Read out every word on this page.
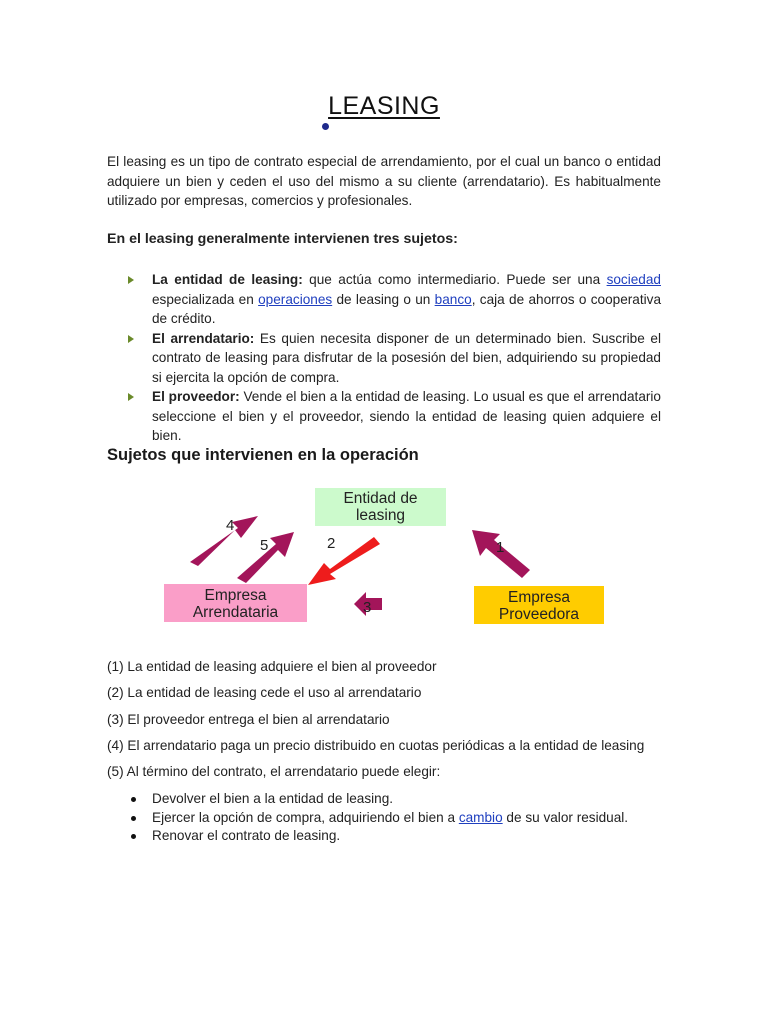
LEASING

El leasing es un tipo de contrato especial de arrendamiento, por el cual un banco o entidad adquiere un bien y ceden el uso del mismo a su cliente (arrendatario). Es habitualmente utilizado por empresas, comercios y profesionales.

En el leasing generalmente intervienen tres sujetos:
La entidad de leasing: que actúa como intermediario. Puede ser una sociedad especializada en operaciones de leasing o un banco, caja de ahorros o cooperativa de crédito.
El arrendatario: Es quien necesita disponer de un determinado bien. Suscribe el contrato de leasing para disfrutar de la posesión del bien, adquiriendo su propiedad si ejercita la opción de compra.
El proveedor: Vende el bien a la entidad de leasing. Lo usual es que el arrendatario seleccione el bien y el proveedor, siendo la entidad de leasing quien adquiere el bien.
Sujetos que intervienen en la operación
4
5	2	1
3
Entidad de
leasing
Empresa
Arrendataria
Empresa
Proveedora
(1) La entidad de leasing adquiere el bien al proveedor
(2) La entidad de leasing cede el uso al arrendatario
(3) El proveedor entrega el bien al arrendatario
(4) El arrendatario paga un precio distribuido en cuotas periódicas a la entidad de leasing
(5) Al término del contrato, el arrendatario puede elegir:
Devolver el bien a la entidad de leasing.
Ejercer la opción de compra, adquiriendo el bien a cambio de su valor residual.
Renovar el contrato de leasing.
